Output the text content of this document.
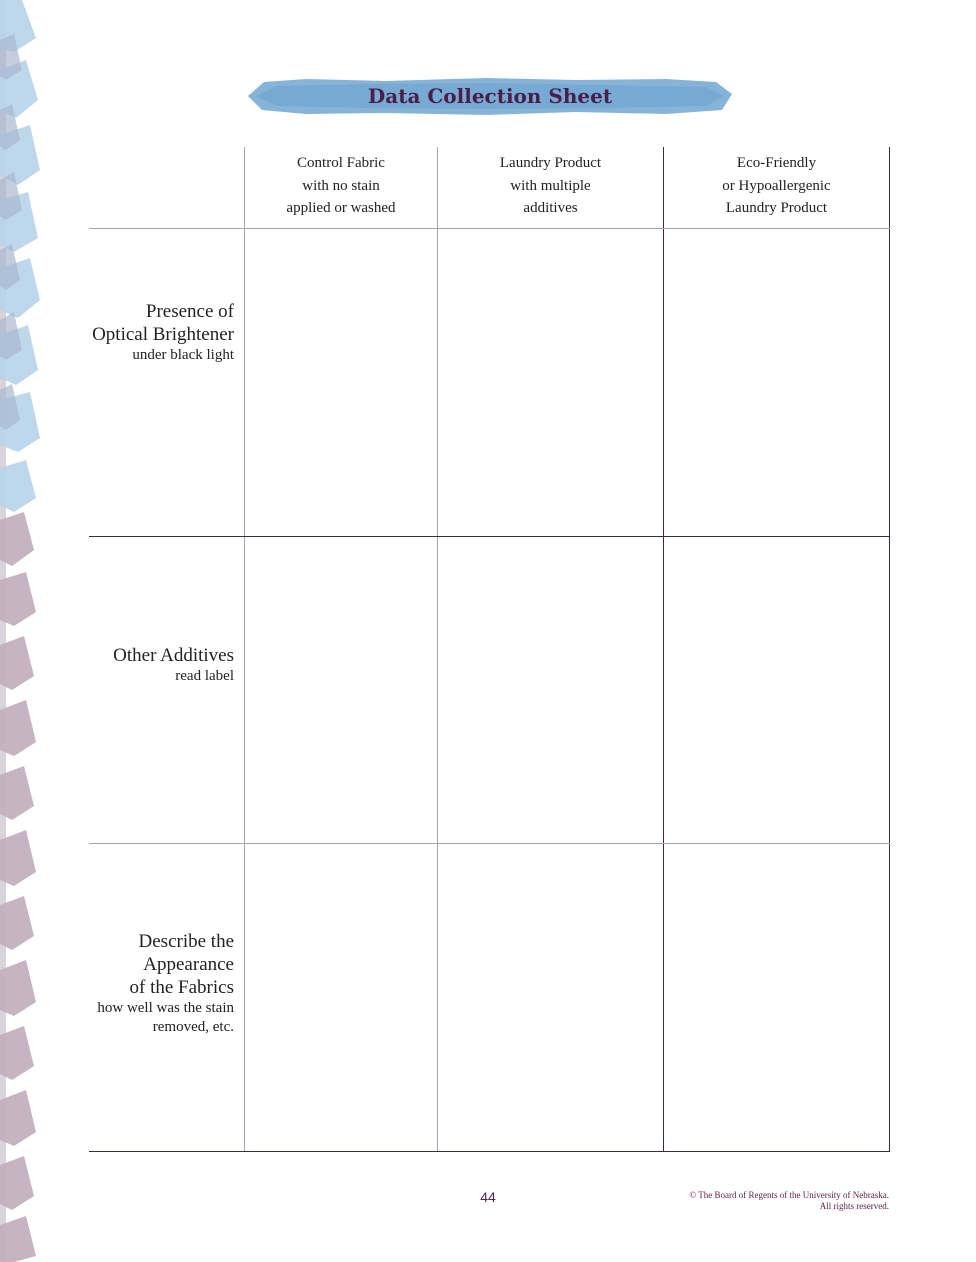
Data Collection Sheet
Control Fabric
with no stain
applied or washed
Laundry Product
with multiple
additives
Eco-Friendly
or Hypoallergenic
Laundry Product
Presence of
Optical Brightener
under black light
Other Additives
read label
Describe the
Appearance
of the Fabrics
how well was the stain
removed, etc.
44	© The Board of Regents of the University of Nebraska.
All rights reserved.
